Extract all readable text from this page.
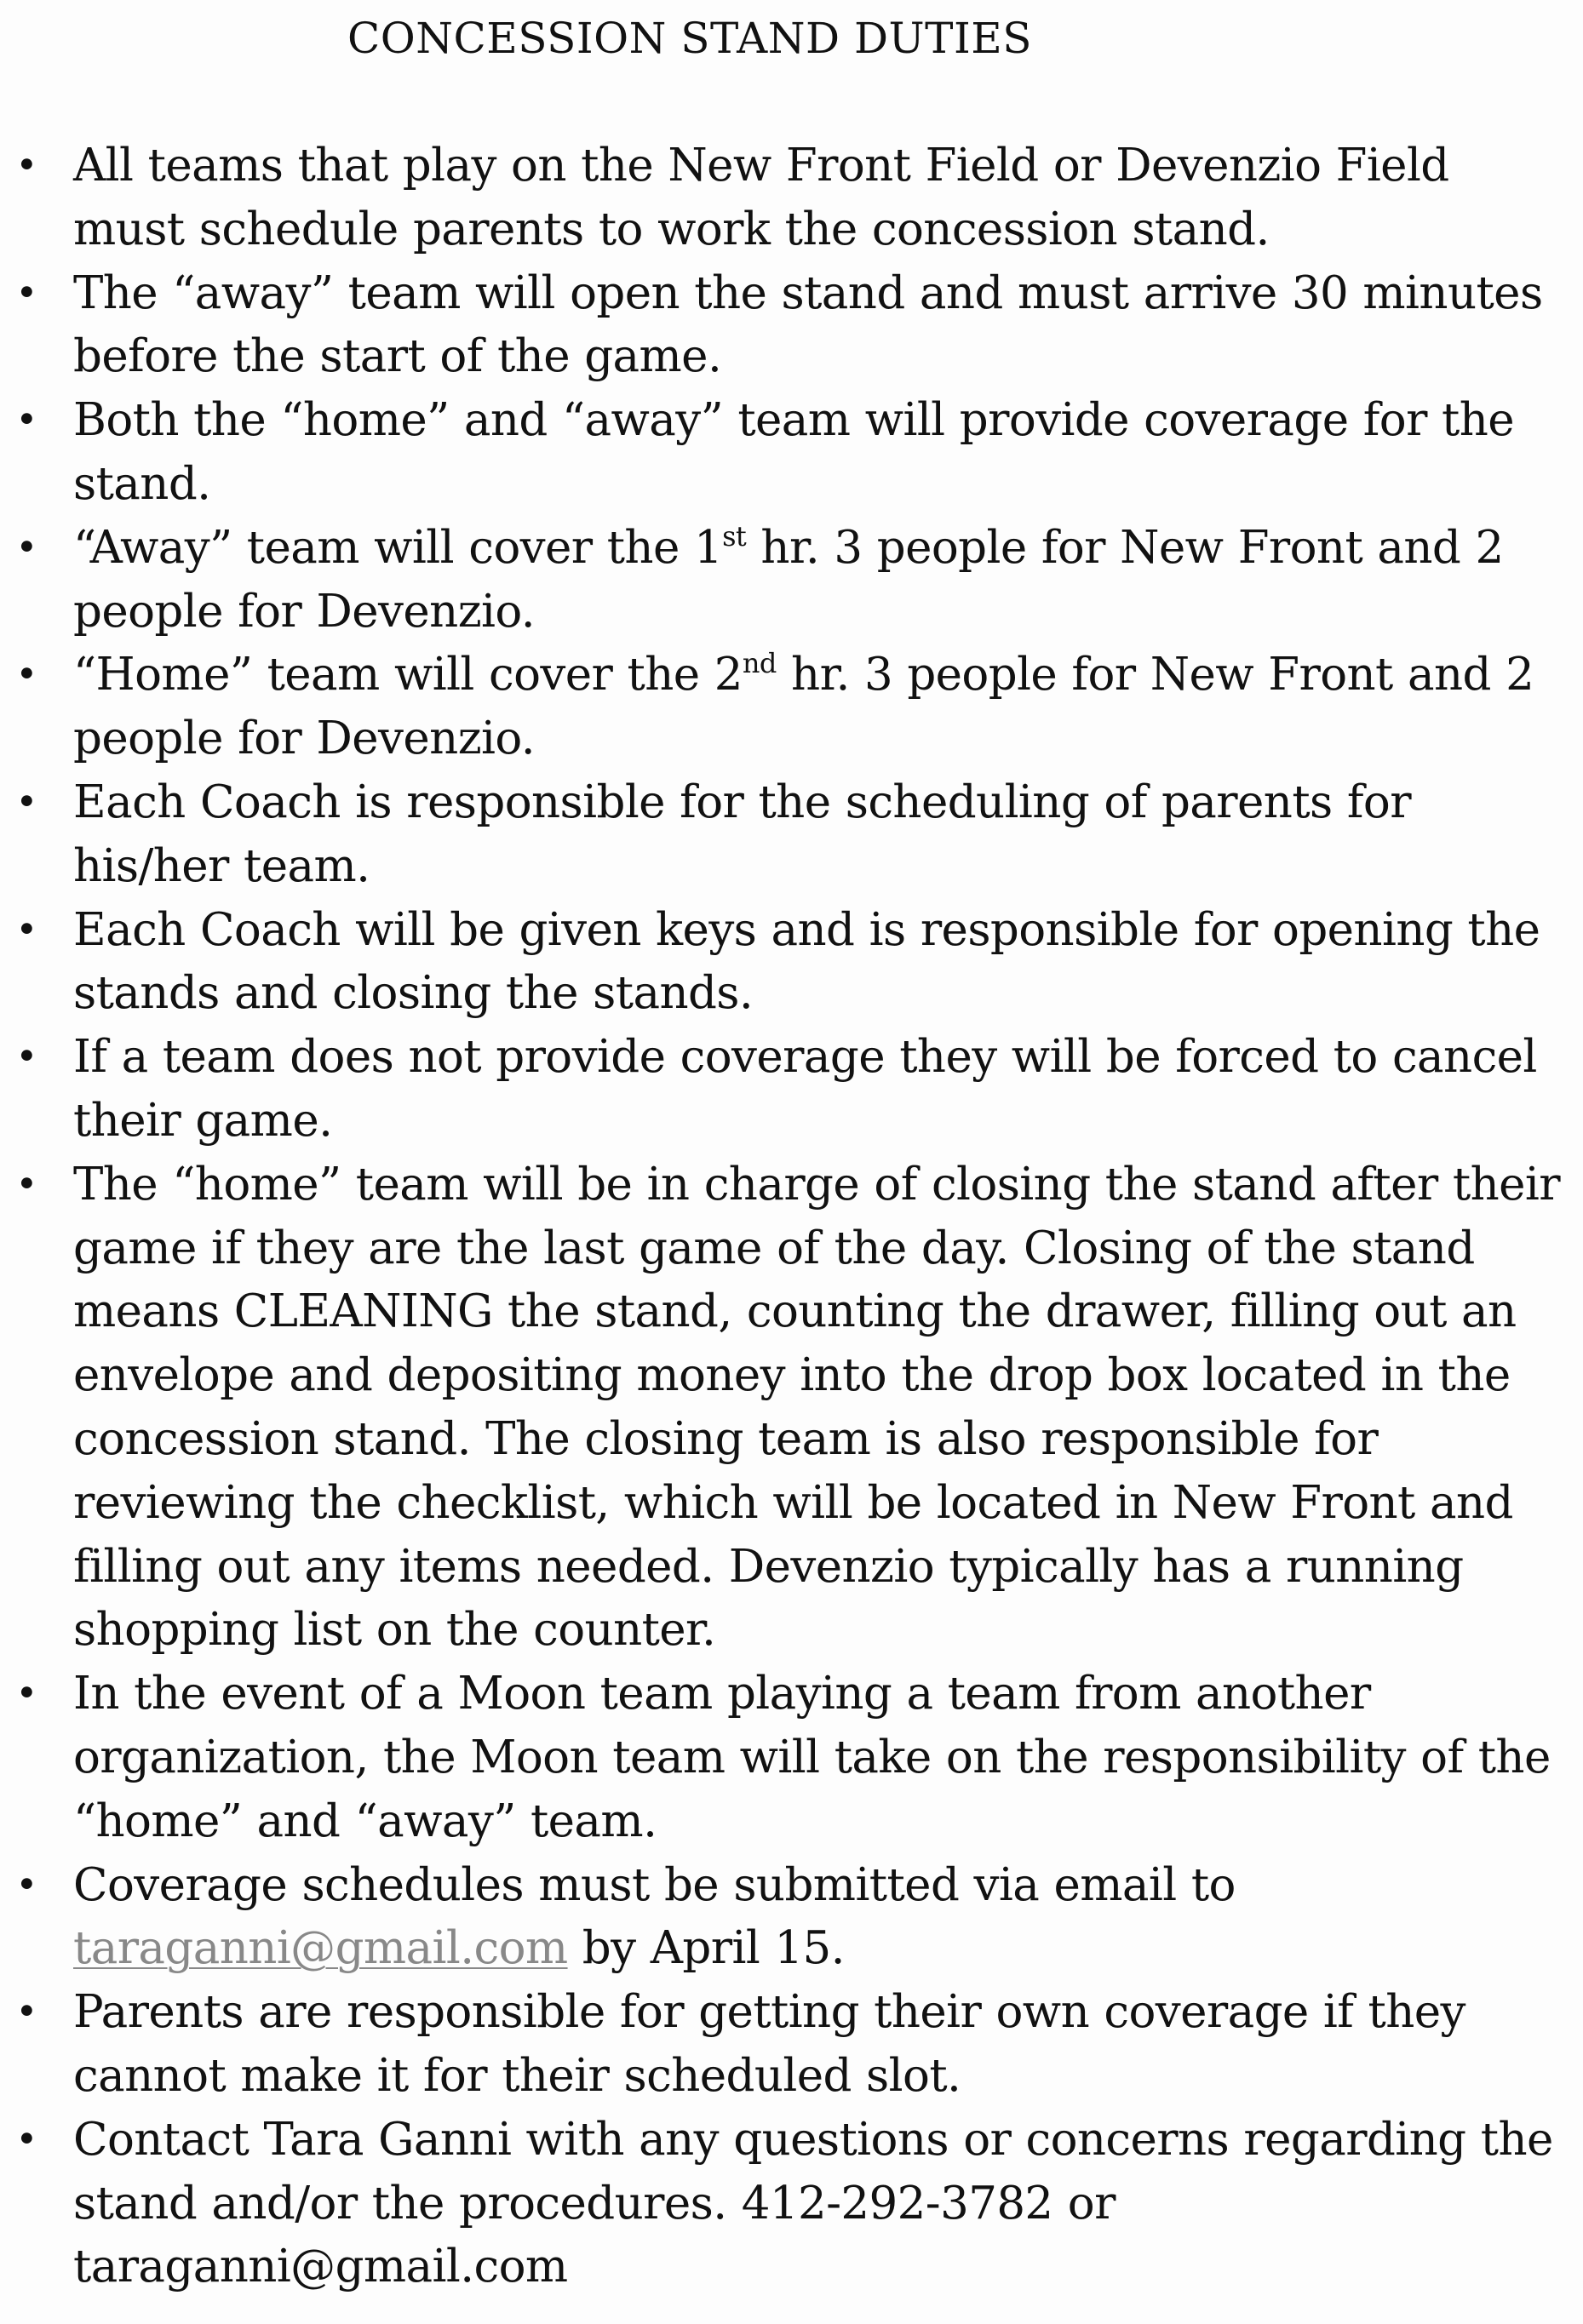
CONCESSION STAND DUTIES
• All teams that play on the New Front Field or Devenzio Field must schedule parents to work the concession stand.
• The “away” team will open the stand and must arrive 30 minutes before the start of the game.
• Both the “home” and “away” team will provide coverage for the stand.
• “Away” team will cover the 1st hr. 3 people for New Front and 2 people for Devenzio.
• “Home” team will cover the 2nd hr. 3 people for New Front and 2 people for Devenzio.
• Each Coach is responsible for the scheduling of parents for his/her team.
• Each Coach will be given keys and is responsible for opening the stands and closing the stands.
• If a team does not provide coverage they will be forced to cancel their game.
• The “home” team will be in charge of closing the stand after their game if they are the last game of the day. Closing of the stand means CLEANING the stand, counting the drawer, filling out an envelope and depositing money into the drop box located in the concession stand. The closing team is also responsible for reviewing the checklist, which will be located in New Front and filling out any items needed. Devenzio typically has a running shopping list on the counter.
• In the event of a Moon team playing a team from another organization, the Moon team will take on the responsibility of the “home” and “away” team.
• Coverage schedules must be submitted via email to taraganni@gmail.com by April 15.
• Parents are responsible for getting their own coverage if they cannot make it for their scheduled slot.
• Contact Tara Ganni with any questions or concerns regarding the stand and/or the procedures. 412-292-3782 or
taraganni@gmail.com
